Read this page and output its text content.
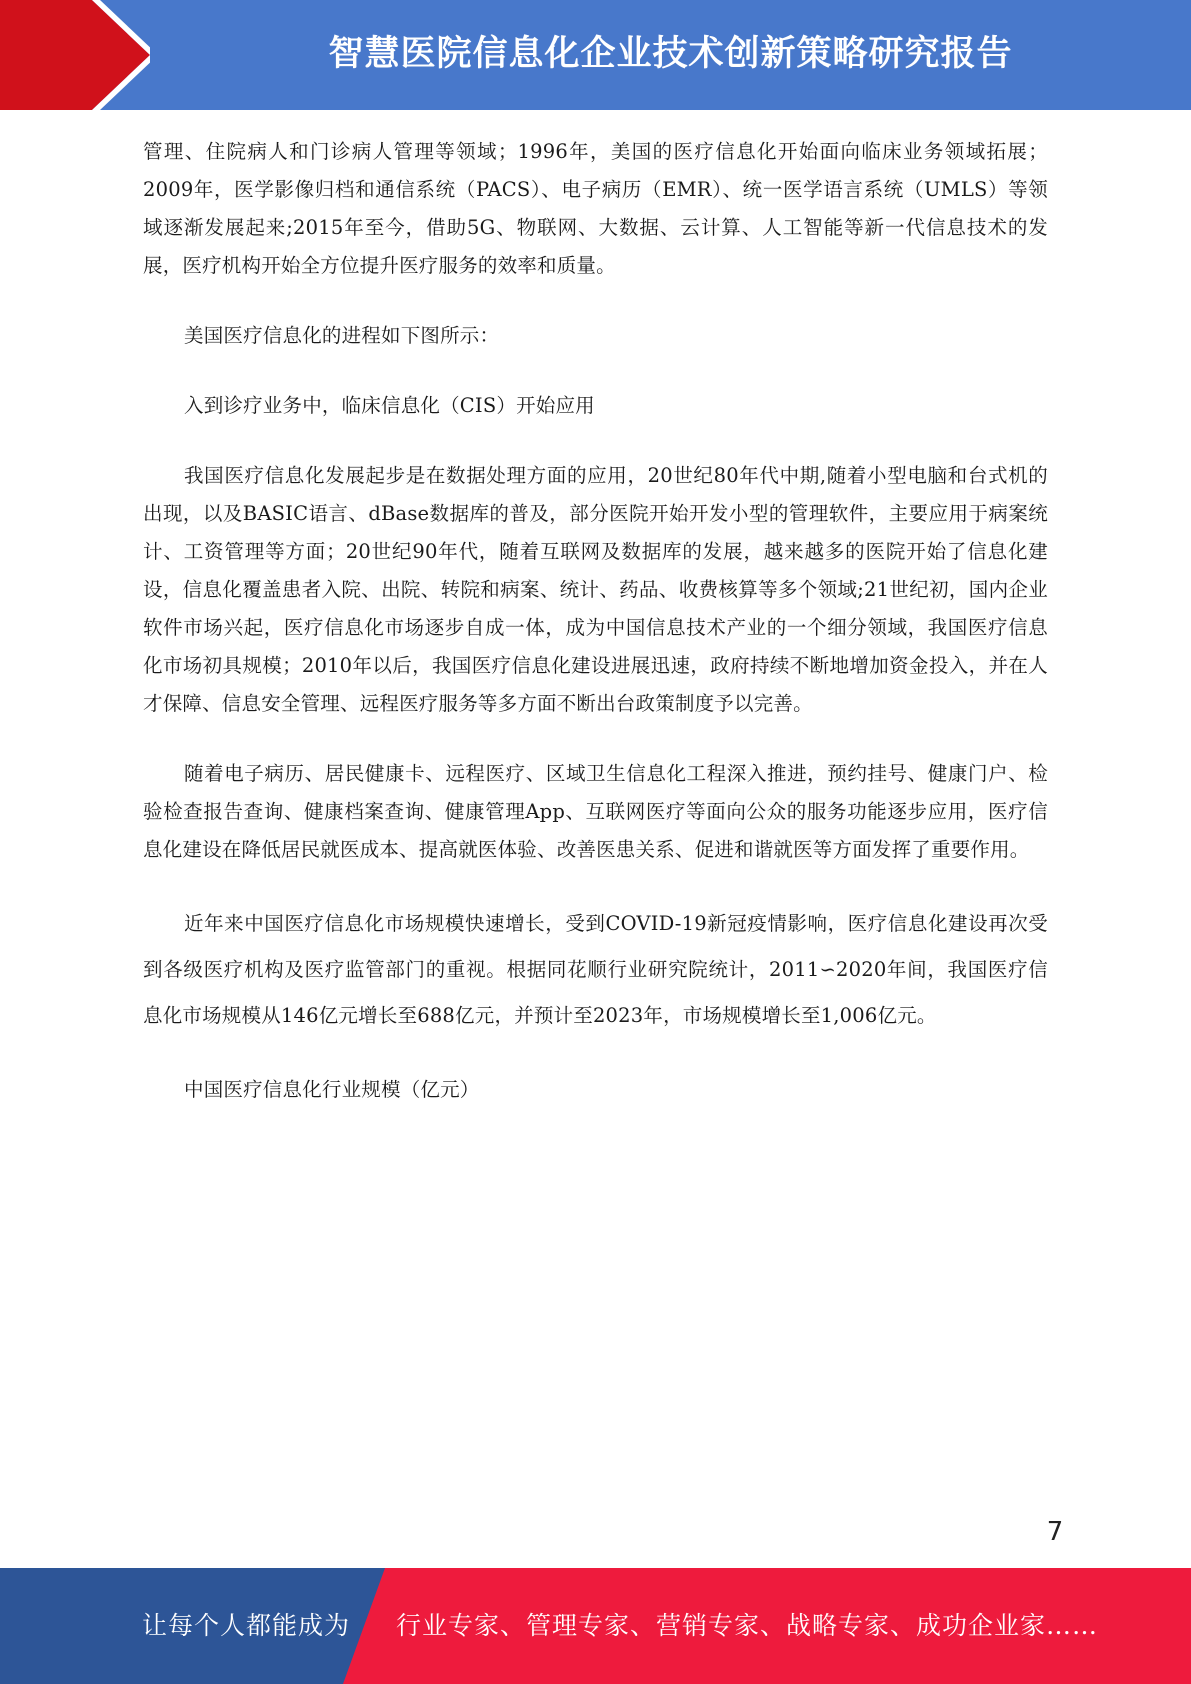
智慧医院信息化企业技术创新策略研究报告

管理、住院病人和门诊病人管理等领域；1996年，美国的医疗信息化开始面向临床业务领域拓展；2009年，医学影像归档和通信系统（PACS）、电子病历（EMR）、统一医学语言系统（UMLS）等领域逐渐发展起来;2015年至今，借助5G、物联网、大数据、云计算、人工智能等新一代信息技术的发展，医疗机构开始全方位提升医疗服务的效率和质量。

美国医疗信息化的进程如下图所示：

入到诊疗业务中，临床信息化（CIS）开始应用

我国医疗信息化发展起步是在数据处理方面的应用，20世纪80年代中期,随着小型电脑和台式机的出现，以及BASIC语言、dBase数据库的普及，部分医院开始开发小型的管理软件，主要应用于病案统计、工资管理等方面；20世纪90年代，随着互联网及数据库的发展，越来越多的医院开始了信息化建设，信息化覆盖患者入院、出院、转院和病案、统计、药品、收费核算等多个领域;21世纪初，国内企业软件市场兴起，医疗信息化市场逐步自成一体，成为中国信息技术产业的一个细分领域，我国医疗信息化市场初具规模；2010年以后，我国医疗信息化建设进展迅速，政府持续不断地增加资金投入，并在人才保障、信息安全管理、远程医疗服务等多方面不断出台政策制度予以完善。

随着电子病历、居民健康卡、远程医疗、区域卫生信息化工程深入推进，预约挂号、健康门户、检验检查报告查询、健康档案查询、健康管理App、互联网医疗等面向公众的服务功能逐步应用，医疗信息化建设在降低居民就医成本、提高就医体验、改善医患关系、促进和谐就医等方面发挥了重要作用。

近年来中国医疗信息化市场规模快速增长，受到COVID-19新冠疫情影响，医疗信息化建设再次受到各级医疗机构及医疗监管部门的重视。根据同花顺行业研究院统计，2011∽2020年间，我国医疗信息化市场规模从146亿元增长至688亿元，并预计至2023年，市场规模增长至1,006亿元。

中国医疗信息化行业规模（亿元）

7
让每个人都能成为 行业专家、管理专家、营销专家、战略专家、成功企业家……
